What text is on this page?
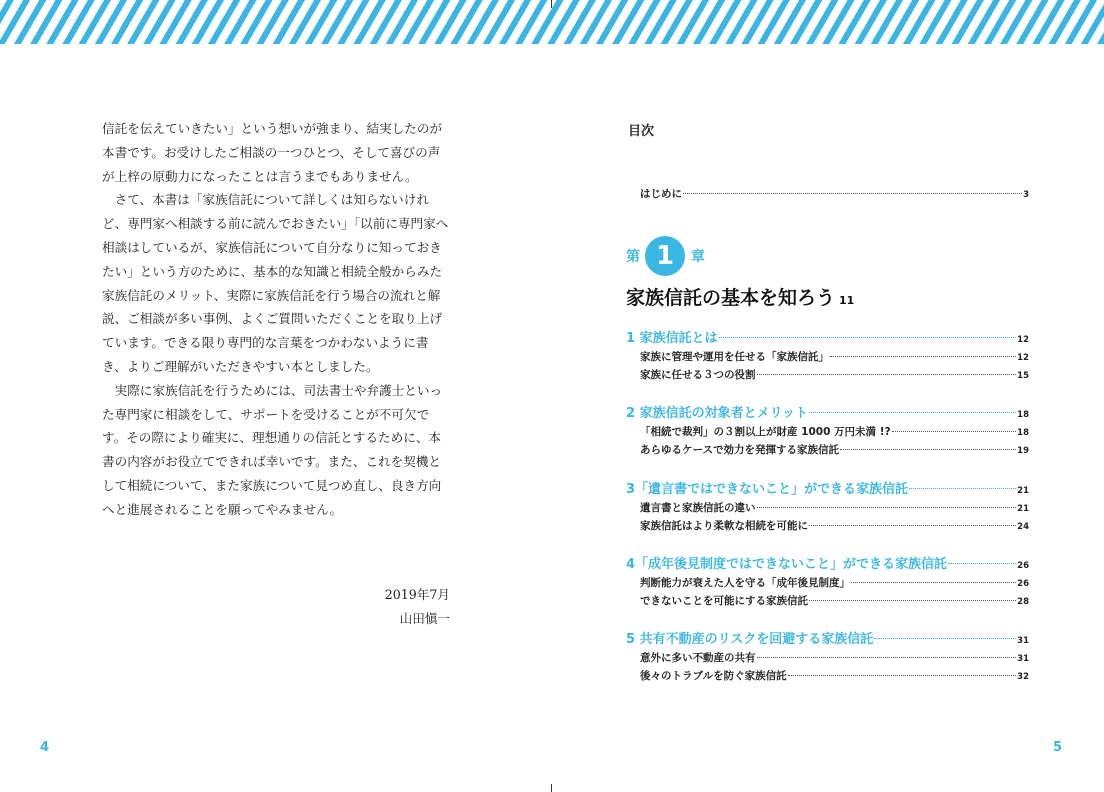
信託を伝えていきたい」という想いが強まり、結実したのが本書です。お受けしたご相談の一つひとつ、そして喜びの声が上梓の原動力になったことは言うまでもありません。

さて、本書は「家族信託について詳しくは知らないけれど、専門家へ相談する前に読んでおきたい」「以前に専門家へ相談はしているが、家族信託について自分なりに知っておきたい」という方のために、基本的な知識と相続全般からみた家族信託のメリット、実際に家族信託を行う場合の流れと解説、ご相談が多い事例、よくご質問いただくことを取り上げています。できる限り専門的な言葉をつかわないように書き、よりご理解がいただきやすい本としました。

実際に家族信託を行うためには、司法書士や弁護士といった専門家に相談をして、サポートを受けることが不可欠です。その際により確実に、理想通りの信託とするために、本書の内容がお役立てできれば幸いです。また、これを契機として相続について、また家族について見つめ直し、良き方向へと進展されることを願ってやみません。

2019年7月
山田愼一
4
目次
はじめに	3
第 1	章
家族信託の基本を知ろう 11
1 家族信託とは	12
家族に管理や運用を任せる「家族信託」	12
家族に任せる３つの役割	15
2 家族信託の対象者とメリット	18
「相続で裁判」の３割以上が財産 1000 万円未満 !?	18
あらゆるケースで効力を発揮する家族信託	19
3「遺言書ではできないこと」ができる家族信託	21
遺言書と家族信託の違い	21
家族信託はより柔軟な相続を可能に	24
4「成年後見制度ではできないこと」ができる家族信託	26
判断能力が衰えた人を守る「成年後見制度」	26
できないことを可能にする家族信託	28
5 共有不動産のリスクを回避する家族信託	31
意外に多い不動産の共有	31
後々のトラブルを防ぐ家族信託	32
5
